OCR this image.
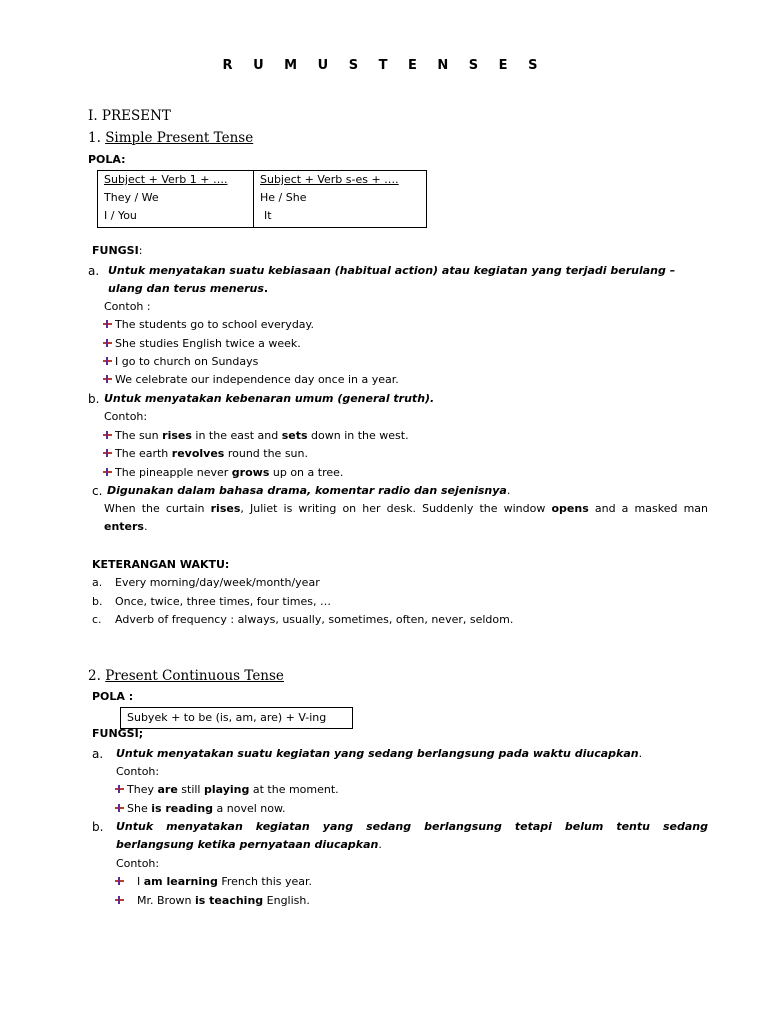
R U M U S T E N S E S
I. PRESENT
1. Simple Present Tense
POLA:
Subject + Verb 1 + ….
They / We
I / You
Subject + Verb s-es + ….
He / She
It
FUNGSI:
a. Untuk menyatakan suatu kebiasaan (habitual action) atau kegiatan yang terjadi berulang –
ulang dan terus menerus.
Contoh :
The students go to school everyday.
She studies English twice a week.
I go to church on Sundays
We celebrate our independence day once in a year.
b. Untuk menyatakan kebenaran umum (general truth).
Contoh:
The sun rises in the east and sets down in the west.
The earth revolves round the sun.
The pineapple never grows up on a tree.
c. Digunakan dalam bahasa drama, komentar radio dan sejenisnya.
When the curtain rises, Juliet is writing on her desk. Suddenly the window opens and a masked man
enters.
KETERANGAN WAKTU:
a. Every morning/day/week/month/year
b. Once, twice, three times, four times, …
c. Adverb of frequency : always, usually, sometimes, often, never, seldom.
2. Present Continuous Tense
POLA :
Subyek + to be (is, am, are) + V-ing
FUNGSI;
a. Untuk menyatakan suatu kegiatan yang sedang berlangsung pada waktu diucapkan.
Contoh:
They are still playing at the moment.
She is reading a novel now.
b. Untuk menyatakan kegiatan yang sedang berlangsung tetapi belum tentu sedang
berlangsung ketika pernyataan diucapkan.
Contoh:
I am learning French this year.
Mr. Brown is teaching English.
